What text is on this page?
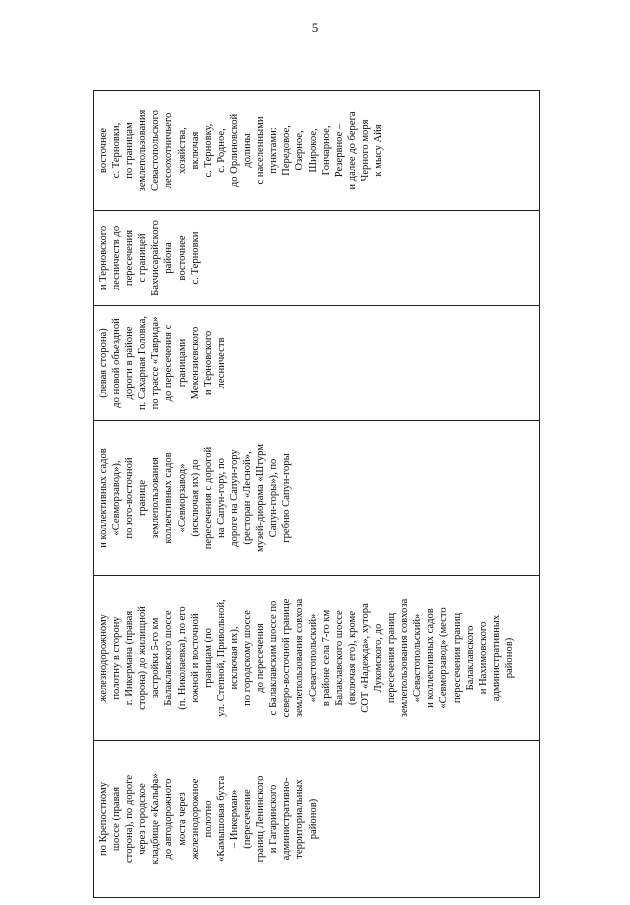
5
по Крепостному
шоссе (правая
сторона), по дороге
через городское
кладбище «Кальфа»
до автодорожного
моста через
железнодорожное
полотно
«Камышовая бухта
– Инкерман»
(пересечение
границ Ленинского
и Гагаринского
административно-
территориальных
районов)	железнодорожному
полотну в сторону
г. Инкермана (правая
сторона) до жилищной
застройки 5-го км
Балаклавского шоссе
(п. Николаевка), по его
южной и восточной
границам (по
ул. Степной, Привольной,
исключая их),
по городскому шоссе
до пересечения
с Балаклавским шоссе по
северо-восточной границе
землепользования совхоза
«Севастопольский»
в районе села 7-го км
Балаклавского шоссе
(включая его), кроме
СОТ «Надежда», хутора
Лукомского, до
пересечения границ
землепользования совхоза
«Севастопольский»
и коллективных садов
«Севморзавод» (место
пересечения границ
Балаклавского
и Нахимовского
административных
районов)	и коллективных садов
«Севморзавод»),
по юго-восточной
границе
землепользования
коллективных садов
«Севморзавод»
(исключая их) до
пересечения с дорогой
на Сапун-гору, по
дороге на Сапун-гору
(ресторан «Лесной»,
музей-диорама «Штурм
Сапун-горы»), по
гребню Сапун-горы	(левая сторона)
до новой объездной
дороги в районе
п. Сахарная Головка,
по трассе «Таврида»
до пересечения с
границами
Мекензиевского
и Терновского
лесничеств	и Терновского
лесничеств до
пересечения
с границей
Бахчисарайского
района
восточнее
с. Терновки	восточнее
с. Терновки,
по границам
землепользования
Севастопольского
лесоохотничьего
хозяйства,
включая
с. Терновку,
с. Родное,
до Орлиновской
долины
с населенными
пунктами:
Передовое,
Озерное,
Широкое,
Гончарное,
Резервное –
и далее до берега
Черного моря
к мысу Айя
